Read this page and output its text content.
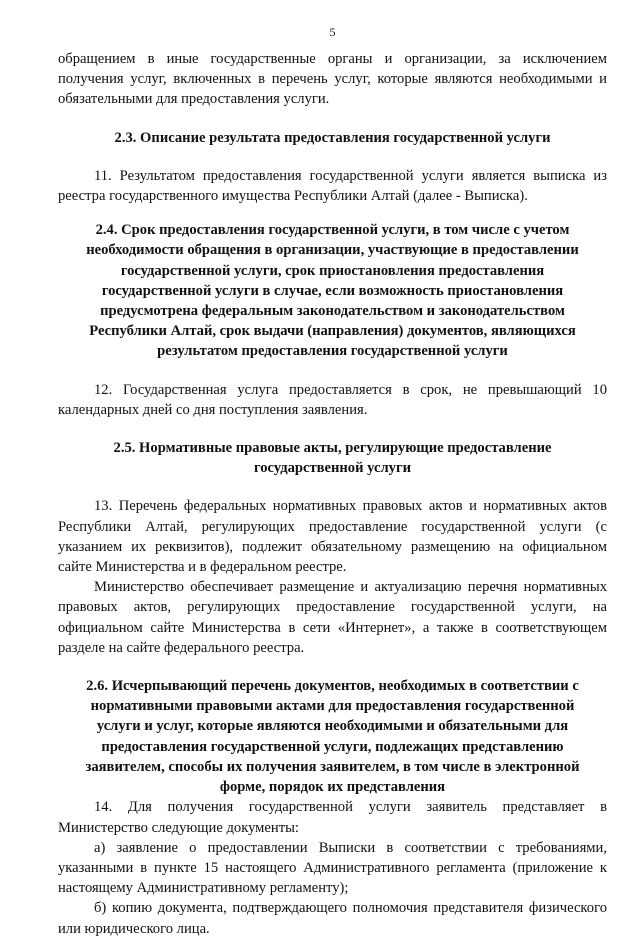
5

обращением в иные государственные органы и организации, за исключением получения услуг, включенных в перечень услуг, которые являются необходимыми и обязательными для предоставления услуги.

2.3. Описание результата предоставления государственной услуги

11. Результатом предоставления государственной услуги является выписка из реестра государственного имущества Республики Алтай (далее - Выписка).

2.4. Срок предоставления государственной услуги, в том числе с учетом необходимости обращения в организации, участвующие в предоставлении государственной услуги, срок приостановления предоставления государственной услуги в случае, если возможность приостановления предусмотрена федеральным законодательством и законодательством Республики Алтай, срок выдачи (направления) документов, являющихся результатом предоставления государственной услуги

12. Государственная услуга предоставляется в срок, не превышающий 10 календарных дней со дня поступления заявления.

2.5. Нормативные правовые акты, регулирующие предоставление государственной услуги

13. Перечень федеральных нормативных правовых актов и нормативных актов Республики Алтай, регулирующих предоставление государственной услуги (с указанием их реквизитов), подлежит обязательному размещению на официальном сайте Министерства и в федеральном реестре.

Министерство обеспечивает размещение и актуализацию перечня нормативных правовых актов, регулирующих предоставление государственной услуги, на официальном сайте Министерства в сети «Интернет», а также в соответствующем разделе на сайте федерального реестра.

2.6. Исчерпывающий перечень документов, необходимых в соответствии с нормативными правовыми актами для предоставления государственной услуги и услуг, которые являются необходимыми и обязательными для предоставления государственной услуги, подлежащих представлению заявителем, способы их получения заявителем, в том числе в электронной форме, порядок их представления

14. Для получения государственной услуги заявитель представляет в Министерство следующие документы:

а) заявление о предоставлении Выписки в соответствии с требованиями, указанными в пункте 15 настоящего Административного регламента (приложение к настоящему Административному регламенту);

б) копию документа, подтверждающего полномочия представителя физического или юридического лица.
